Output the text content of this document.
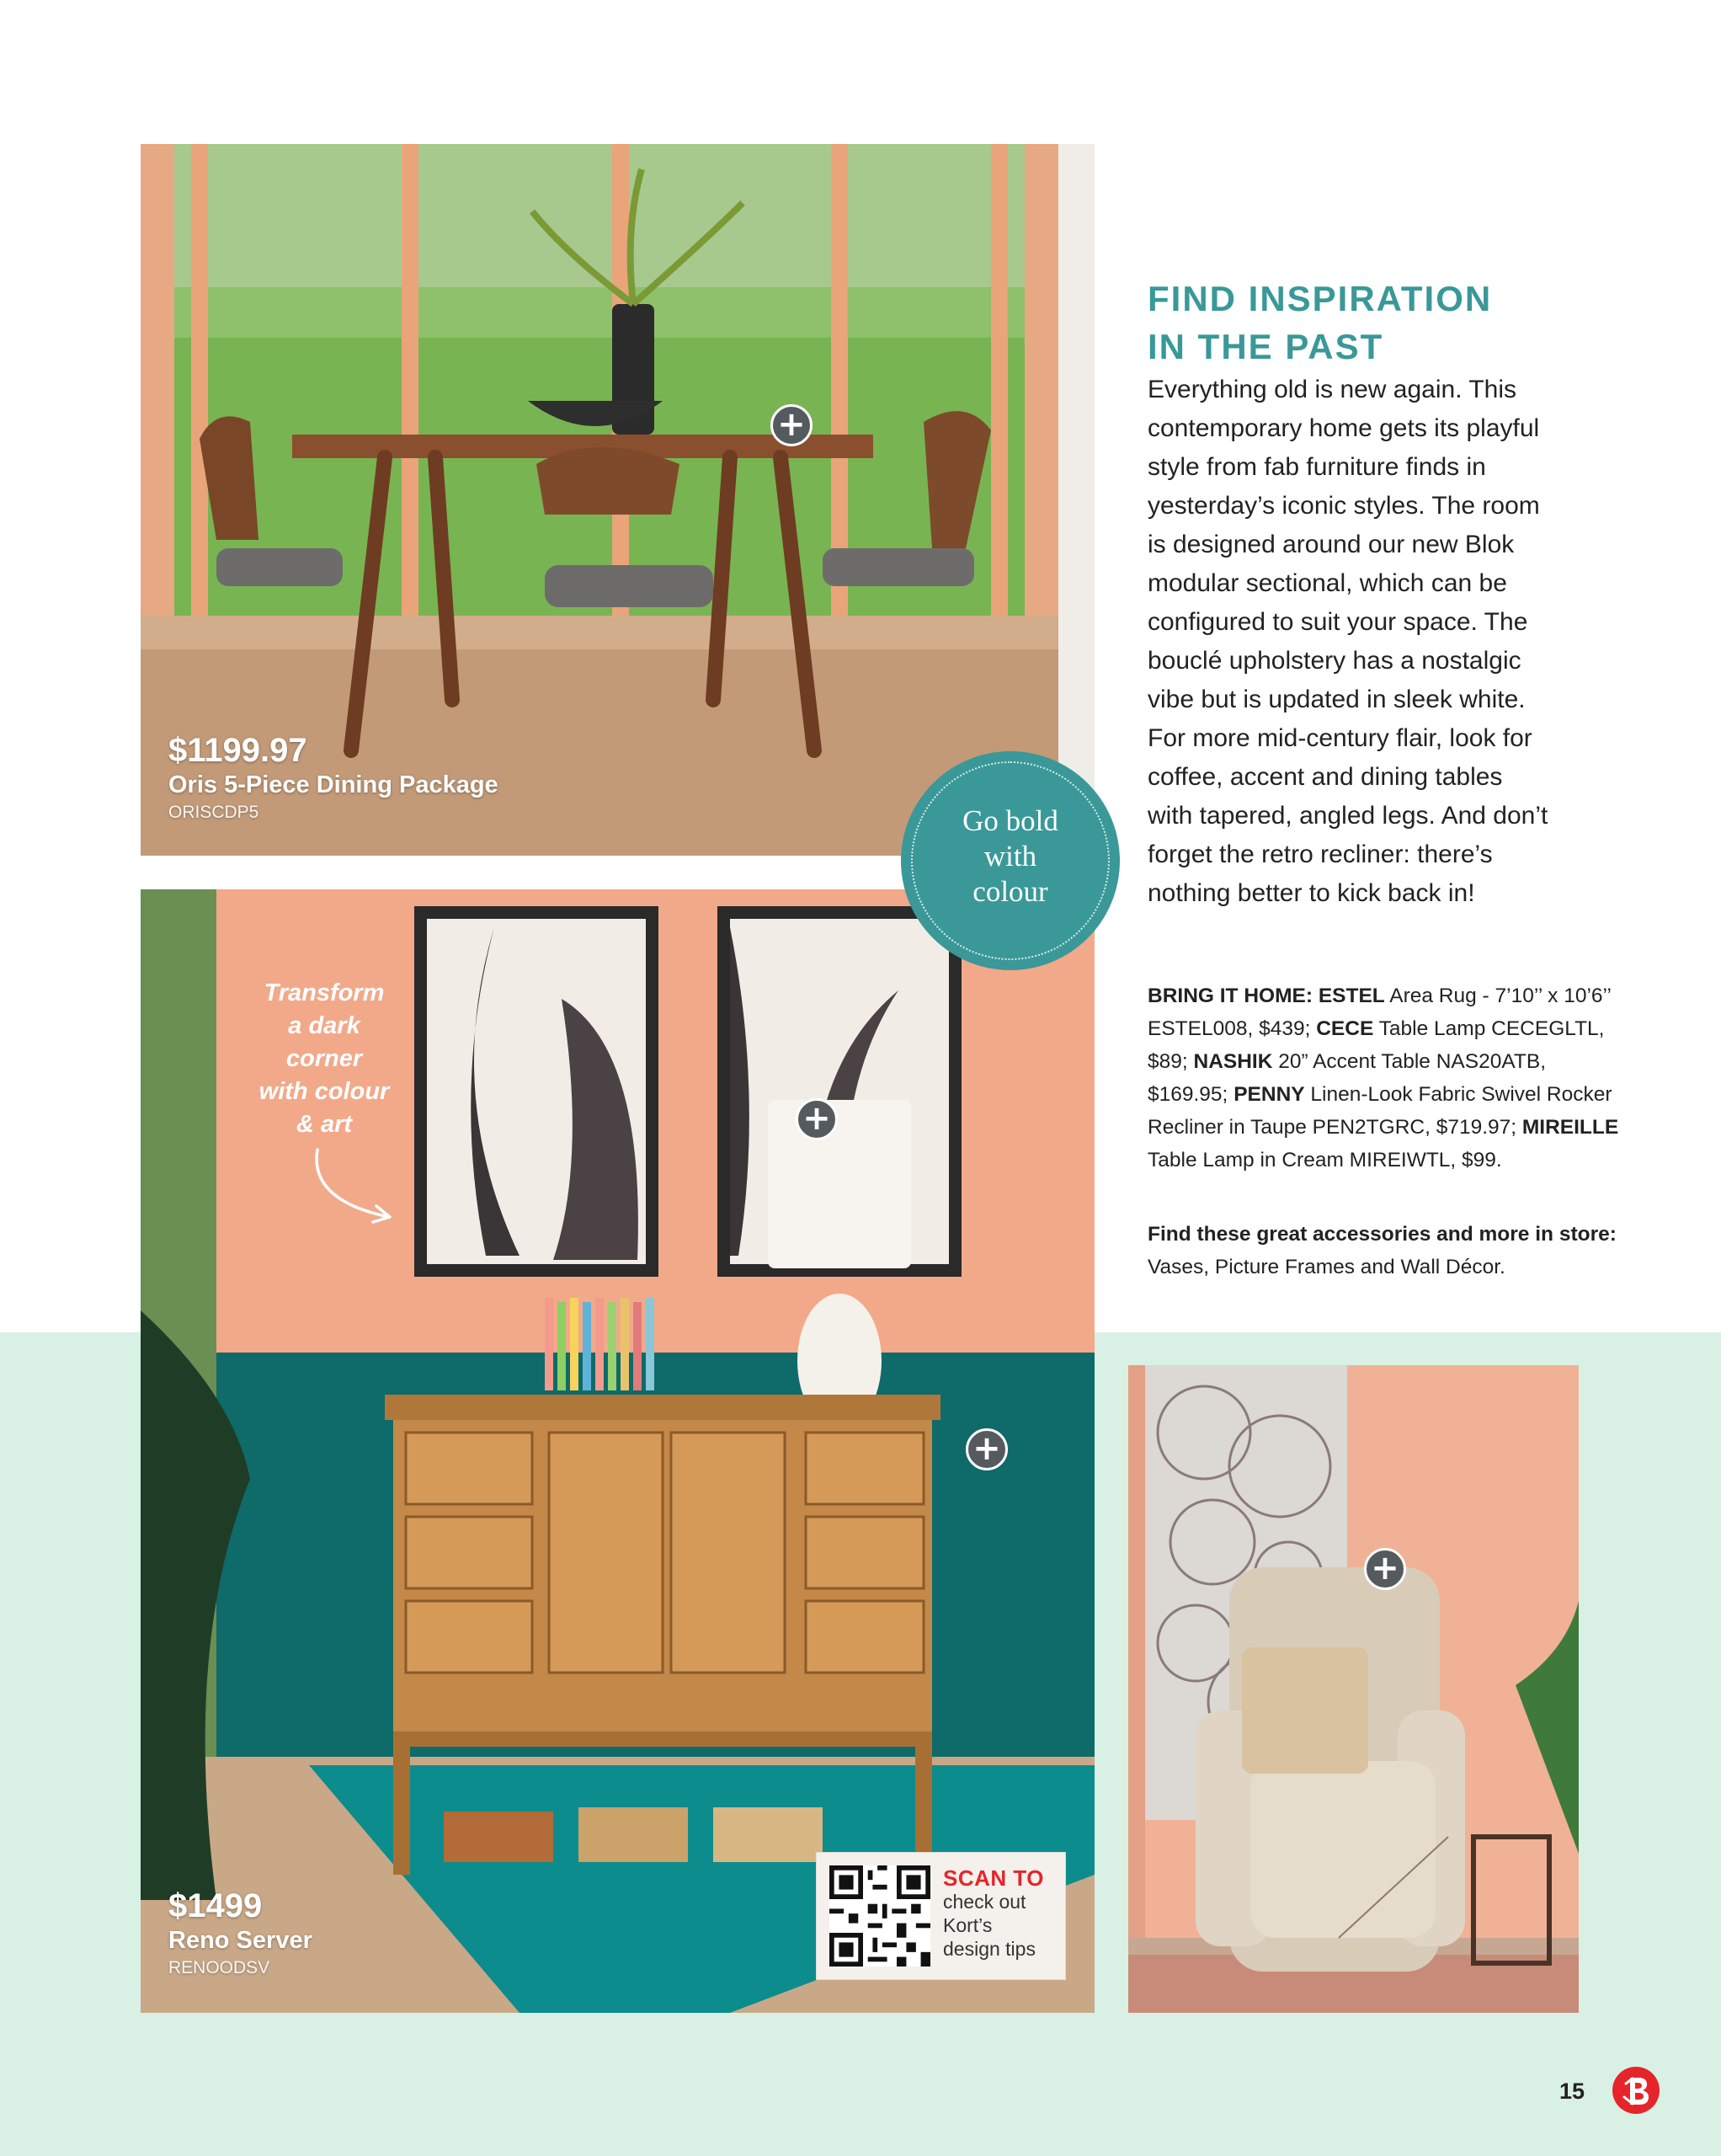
+
$1199.97
Oris 5-Piece Dining Package
ORISCDP5
+
+
$1499
Reno Server
RENOODSV
Transform
a dark
corner
with colour
& art
+
Go bold
with
colour
FIND INSPIRATION
IN THE PAST
Everything old is new again. This
contemporary home gets its playful
style from fab furniture finds in
yesterday’s iconic styles. The room
is designed around our new Blok
modular sectional, which can be
configured to suit your space. The
bouclé upholstery has a nostalgic
vibe but is updated in sleek white.
For more mid-century flair, look for
coffee, accent and dining tables
with tapered, angled legs. And don’t
forget the retro recliner: there’s
nothing better to kick back in!
BRING IT HOME: ESTEL Area Rug - 7’10’’ x 10’6’’ ESTEL008, $439; CECE Table Lamp CECEGLTL, $89; NASHIK 20” Accent Table NAS20ATB, $169.95; PENNY Linen-Look Fabric Swivel Rocker Recliner in Taupe PEN2TGRC, $719.97; MIREILLE Table Lamp in Cream MIREIWTL, $99.
Find these great accessories and more in store: Vases, Picture Frames and Wall Décor.
SCAN TO
check out
Kort’s
design tips
15
